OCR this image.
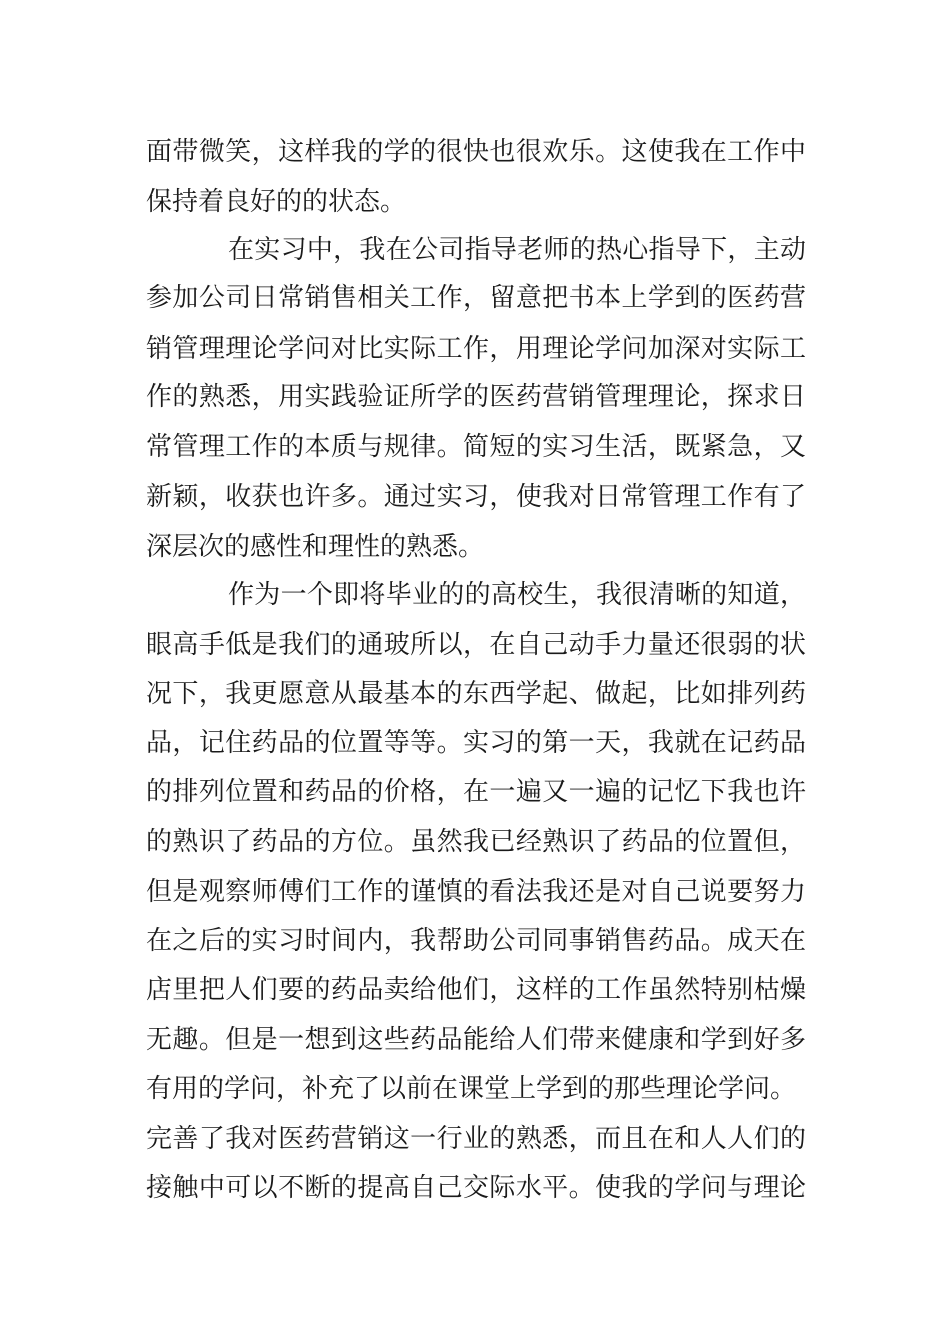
面带微笑，这样我的学的很快也很欢乐。这使我在工作中
保持着良好的的状态。
在实习中，我在公司指导老师的热心指导下，主动
参加公司日常销售相关工作，留意把书本上学到的医药营
销管理理论学问对比实际工作，用理论学问加深对实际工
作的熟悉，用实践验证所学的医药营销管理理论，探求日
常管理工作的本质与规律。简短的实习生活，既紧急，又
新颖，收获也许多。通过实习，使我对日常管理工作有了
深层次的感性和理性的熟悉。
作为一个即将毕业的的高校生，我很清晰的知道，
眼高手低是我们的通玻所以，在自己动手力量还很弱的状
况下，我更愿意从最基本的东西学起、做起，比如排列药
品，记住药品的位置等等。实习的第一天，我就在记药品
的排列位置和药品的价格，在一遍又一遍的记忆下我也许
的熟识了药品的方位。虽然我已经熟识了药品的位置但，
但是观察师傅们工作的谨慎的看法我还是对自己说要努力
在之后的实习时间内，我帮助公司同事销售药品。成天在
店里把人们要的药品卖给他们，这样的工作虽然特别枯燥
无趣。但是一想到这些药品能给人们带来健康和学到好多
有用的学问，补充了以前在课堂上学到的那些理论学问。
完善了我对医药营销这一行业的熟悉，而且在和人人们的
接触中可以不断的提高自己交际水平。使我的学问与理论
